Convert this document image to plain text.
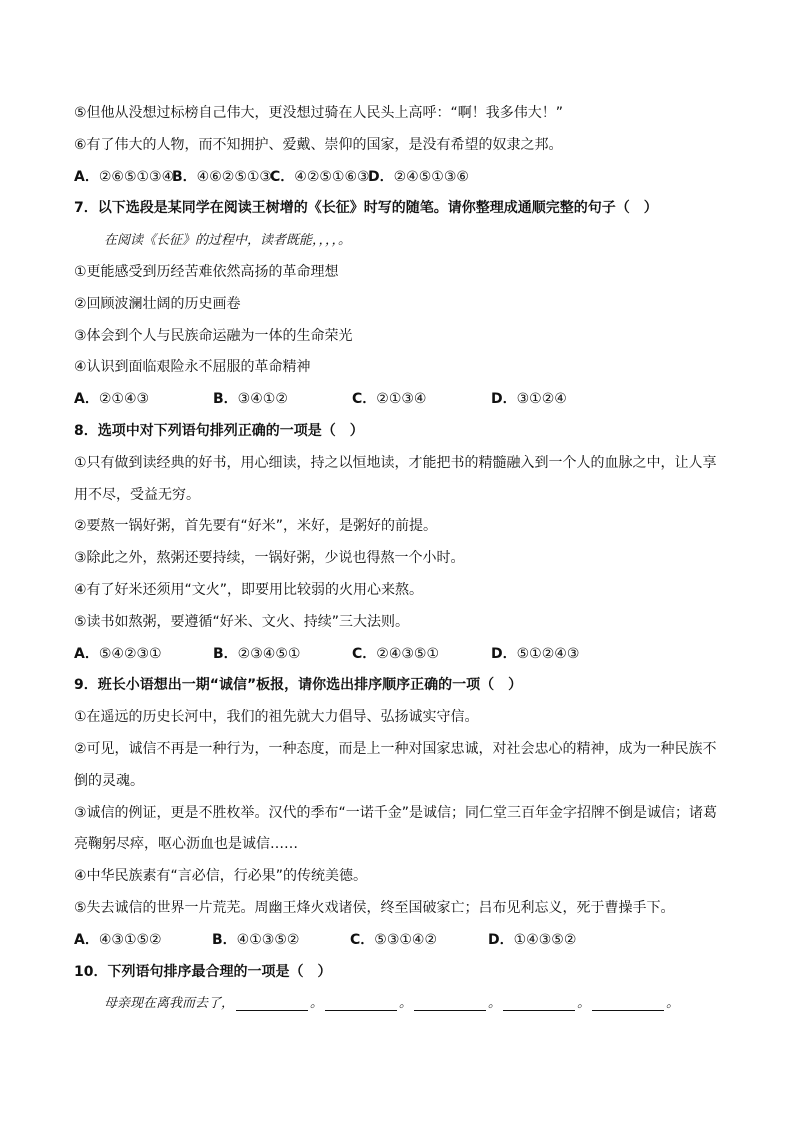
⑤但他从没想过标榜自己伟大，更没想过骑在人民头上高呼：“啊！我多伟大！”
⑥有了伟大的人物，而不知拥护、爱戴、崇仰的国家，是没有希望的奴隶之邦。
A．②⑥⑤①③④
B．④⑥②⑤①③
C．④②⑤①⑥③
D．②④⑤①③⑥
7．以下选段是某同学在阅读王树增的《长征》时写的随笔。请你整理成通顺完整的句子（　）
在阅读《长征》的过程中，读者既能，，，，。
①更能感受到历经苦难依然高扬的革命理想
②回顾波澜壮阔的历史画卷
③体会到个人与民族命运融为一体的生命荣光
④认识到面临艰险永不屈服的革命精神
A．②①④③	B．③④①②	C．②①③④	D．③①②④
8．选项中对下列语句排列正确的一项是（　）
①只有做到读经典的好书，用心细读，持之以恒地读，才能把书的精髓融入到一个人的血脉之中，让人享
用不尽，受益无穷。
②要熬一锅好粥，首先要有“好米”，米好，是粥好的前提。
③除此之外，熬粥还要持续，一锅好粥，少说也得熬一个小时。
④有了好米还须用“文火”，即要用比较弱的火用心来熬。
⑤读书如熬粥，要遵循“好米、文火、持续”三大法则。
A．⑤④②③①	B．②③④⑤①	C．②④③⑤①	D．⑤①②④③
9．班长小语想出一期“诚信”板报，请你选出排序顺序正确的一项（　）
①在遥远的历史长河中，我们的祖先就大力倡导、弘扬诚实守信。
②可见，诚信不再是一种行为，一种态度，而是上一种对国家忠诚，对社会忠心的精神，成为一种民族不
倒的灵魂。
③诚信的例证，更是不胜枚举。汉代的季布“一诺千金”是诚信；同仁堂三百年金字招牌不倒是诚信；诸葛
亮鞠躬尽瘁，呕心沥血也是诚信……
④中华民族素有“言必信，行必果”的传统美德。
⑤失去诚信的世界一片荒芜。周幽王烽火戏诸侯，终至国破家亡；吕布见利忘义，死于曹操手下。
A．④③①⑤②	B．④①③⑤②	C．⑤③①④②	D．①④③⑤②
10．下列语句排序最合理的一项是（　）
母亲现在离我而去了，	。	。	。	。	。
